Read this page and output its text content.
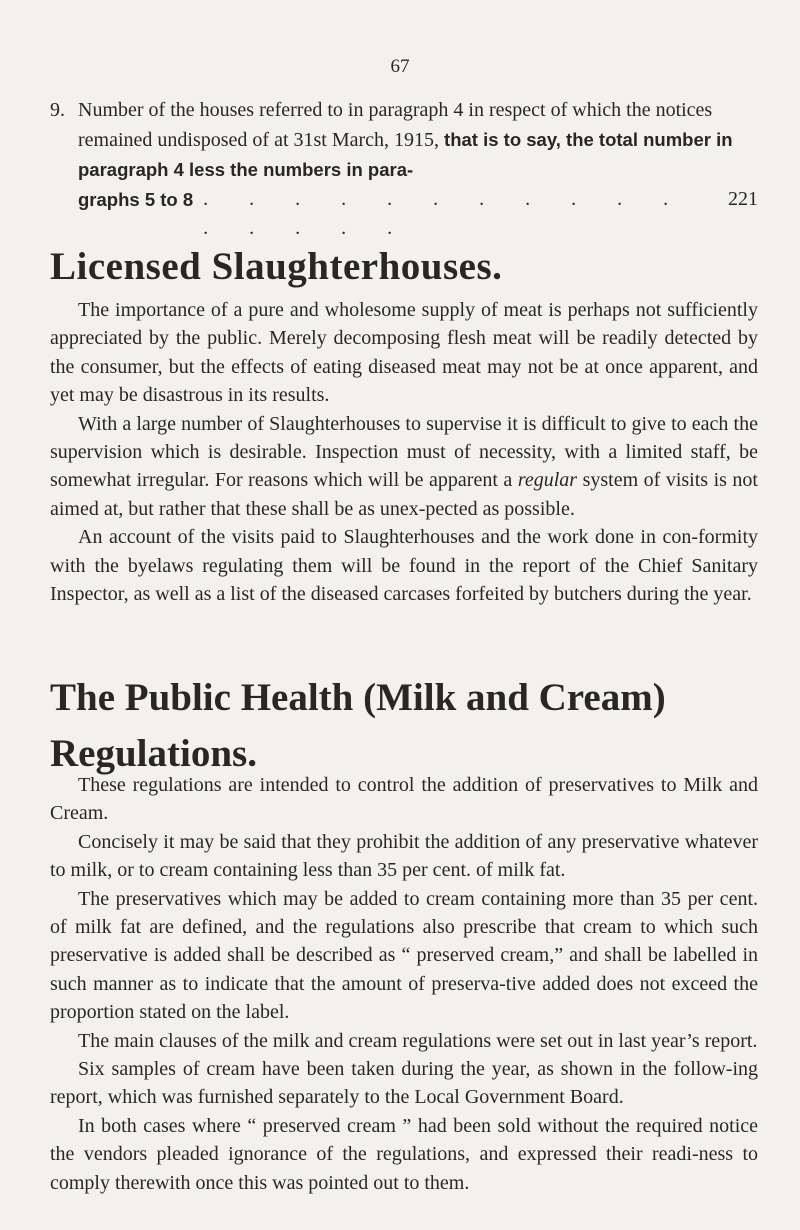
67
9. Number of the houses referred to in paragraph 4 in respect of which the notices remained undisposed of at 31st March, 1915, that is to say, the total number in paragraph 4 less the numbers in para-
graphs 5 to 8 . . . . . . . . . . . . . . . .
221
Licensed Slaughterhouses.

The importance of a pure and wholesome supply of meat is perhaps not sufficiently appreciated by the public. Merely decomposing flesh meat will be readily detected by the consumer, but the effects of eating diseased meat may not be at once apparent, and yet may be disastrous in its results.

With a large number of Slaughterhouses to supervise it is difficult to give to each the supervision which is desirable. Inspection must of necessity, with a limited staff, be somewhat irregular. For reasons which will be apparent a regular system of visits is not aimed at, but rather that these shall be as unex-pected as possible.

An account of the visits paid to Slaughterhouses and the work done in con-formity with the byelaws regulating them will be found in the report of the Chief Sanitary Inspector, as well as a list of the diseased carcases forfeited by butchers during the year.

The Public Health (Milk and Cream) Regulations.

These regulations are intended to control the addition of preservatives to Milk and Cream.

Concisely it may be said that they prohibit the addition of any preservative whatever to milk, or to cream containing less than 35 per cent. of milk fat.

The preservatives which may be added to cream containing more than 35 per cent. of milk fat are defined, and the regulations also prescribe that cream to which such preservative is added shall be described as “ preserved cream,” and shall be labelled in such manner as to indicate that the amount of preserva-tive added does not exceed the proportion stated on the label.

The main clauses of the milk and cream regulations were set out in last year’s report.

Six samples of cream have been taken during the year, as shown in the follow-ing report, which was furnished separately to the Local Government Board.

In both cases where “ preserved cream ” had been sold without the required notice the vendors pleaded ignorance of the regulations, and expressed their readi-ness to comply therewith once this was pointed out to them.
